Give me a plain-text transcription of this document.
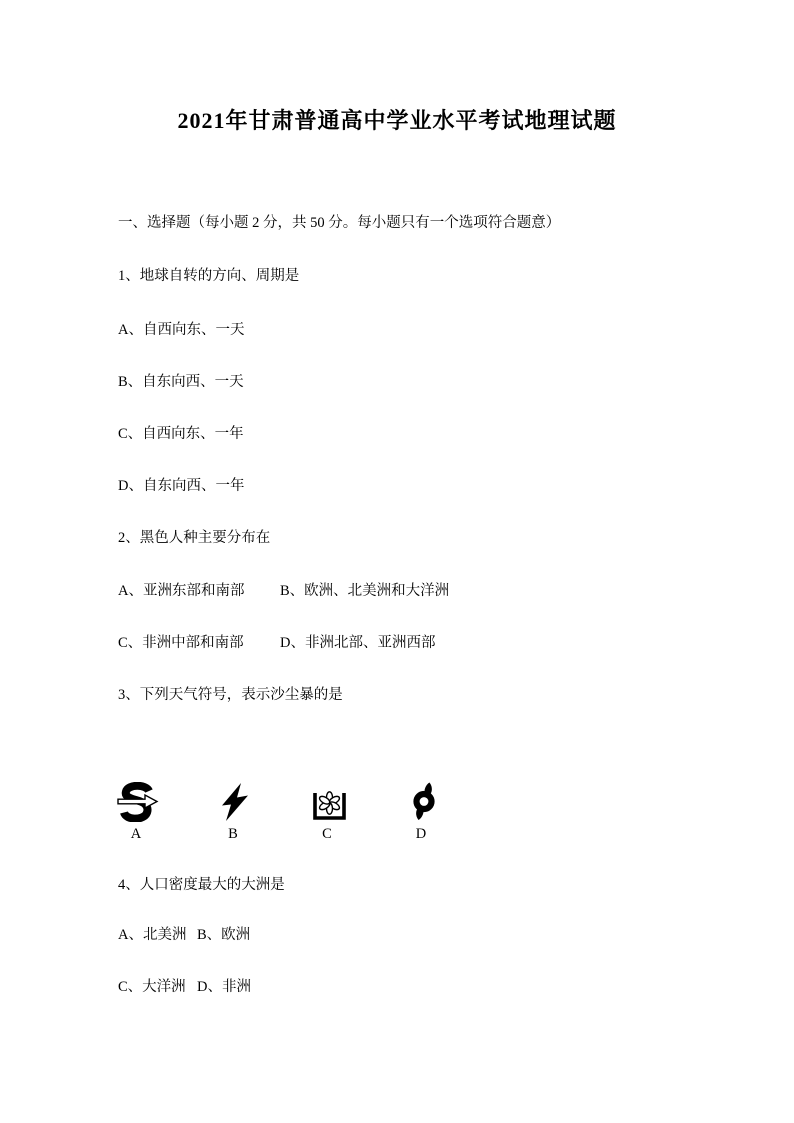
2021年甘肃普通高中学业水平考试地理试题
一、选择题（每小题 2 分，共 50 分。每小题只有一个选项符合题意）
1、地球自转的方向、周期是
A、自西向东、一天
B、自东向西、一天
C、自西向东、一年
D、自东向西、一年
2、黑色人种主要分布在
A、亚洲东部和南部 B、欧洲、北美洲和大洋洲
C、非洲中部和南部	D、非洲北部、亚洲西部
3、下列天气符号，表示沙尘暴的是
A	B	C	D
4、人口密度最大的大洲是
A、北美洲 B、欧洲
C、大洋洲 D、非洲
